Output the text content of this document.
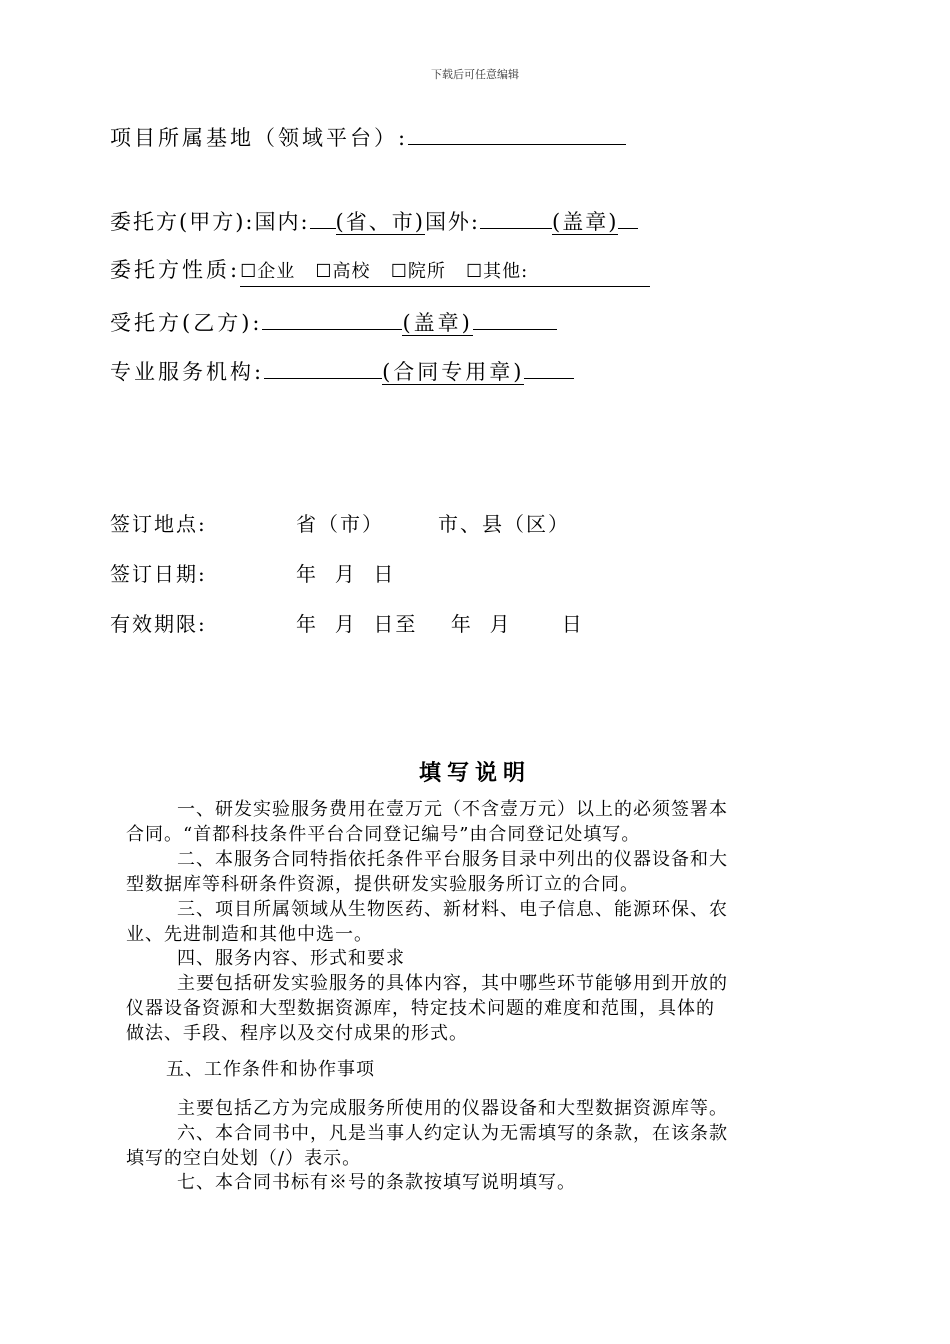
下载后可任意编辑
项目所属基地（领域平台）:
委托方(甲方):国内: (省、市)国外:	(盖章)
委托方性质:☐企业 ☐高校 ☐院所 ☐其他:
受托方(乙方):	(盖章)
专业服务机构:	(合同专用章)
签订地点:	省（市）	市、县（区）
签订日期:	年  月  日
有效期限:	年  月  日至    年  月      日
填写说明
一、研发实验服务费用在壹万元（不含壹万元）以上的必须签署本
合同。“首都科技条件平台合同登记编号”由合同登记处填写。
二、本服务合同特指依托条件平台服务目录中列出的仪器设备和大
型数据库等科研条件资源，提供研发实验服务所订立的合同。
三、项目所属领域从生物医药、新材料、电子信息、能源环保、农
业、先进制造和其他中选一。
四、服务内容、形式和要求
主要包括研发实验服务的具体内容，其中哪些环节能够用到开放的
仪器设备资源和大型数据资源库，特定技术问题的难度和范围，具体的
做法、手段、程序以及交付成果的形式。
五、工作条件和协作事项
主要包括乙方为完成服务所使用的仪器设备和大型数据资源库等。
六、本合同书中，凡是当事人约定认为无需填写的条款，在该条款
填写的空白处划（/）表示。
七、本合同书标有※号的条款按填写说明填写。
